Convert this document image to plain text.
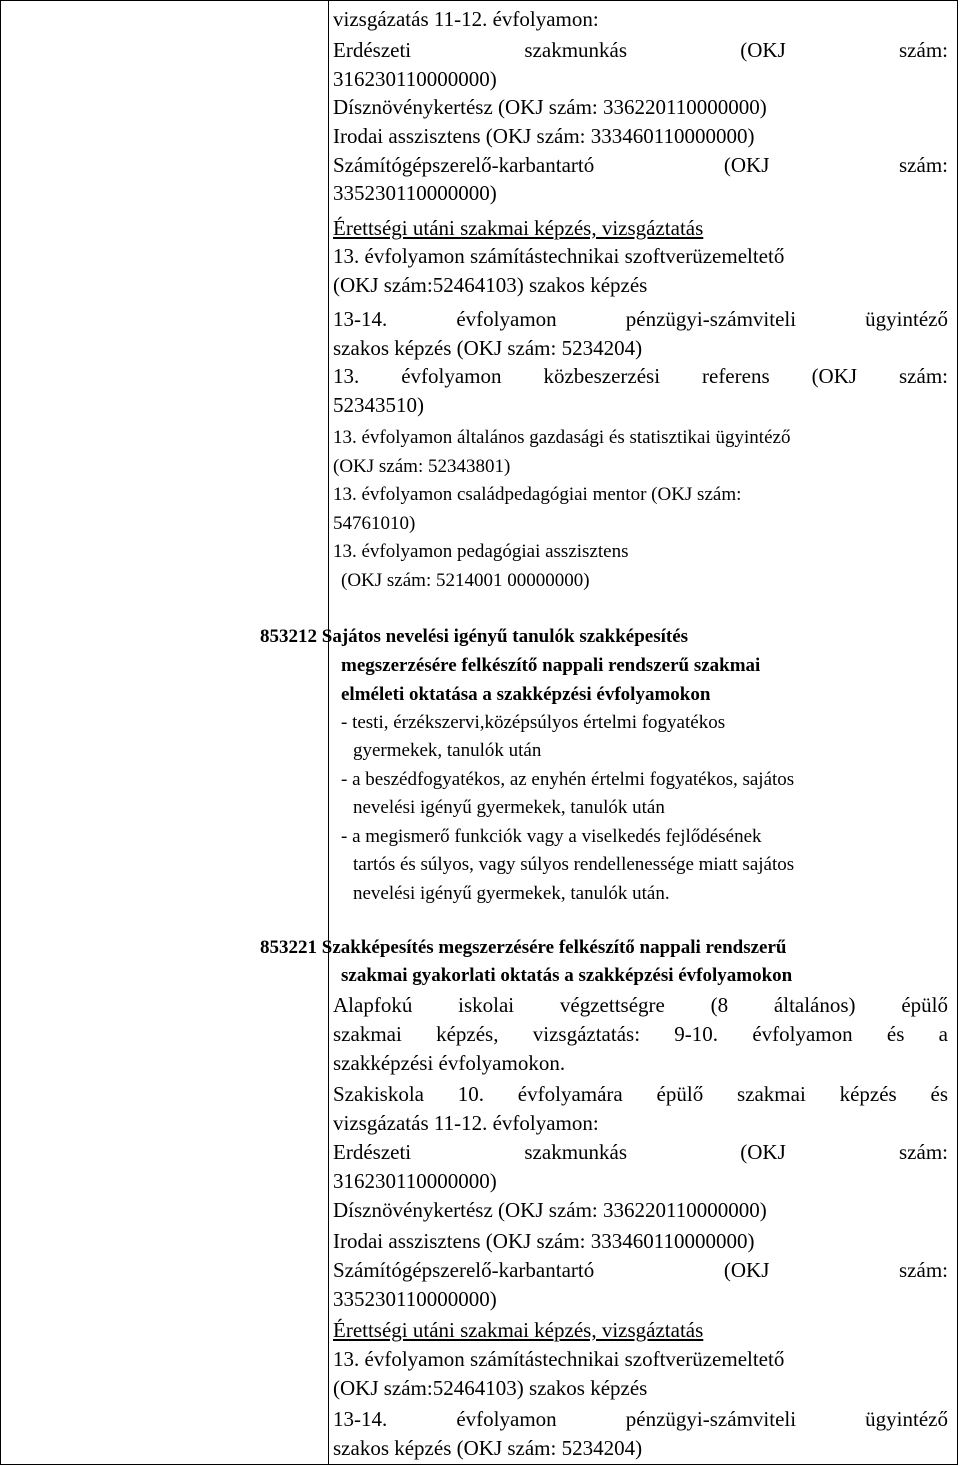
vizsgázatás 11-12. évfolyamon:
Erdészeti szakmunkás (OKJ szám:
316230110000000)
Dísznövénykertész (OKJ szám: 336220110000000)
Irodai asszisztens (OKJ szám: 333460110000000)
Számítógépszerelő-karbantartó (OKJ szám:
335230110000000)
Érettségi utáni szakmai képzés, vizsgáztatás
13. évfolyamon számítástechnikai szoftverüzemeltető
(OKJ szám:52464103) szakos képzés
13-14. évfolyamon pénzügyi-számviteli ügyintéző
szakos képzés (OKJ szám: 5234204)
13. évfolyamon közbeszerzési referens (OKJ szám:
52343510)
13. évfolyamon általános gazdasági és statisztikai ügyintéző
(OKJ szám: 52343801)
13. évfolyamon családpedagógiai mentor (OKJ szám:
54761010)
13. évfolyamon pedagógiai asszisztens
(OKJ szám: 5214001 00000000)
853212 Sajátos nevelési igényű tanulók szakképesítés
megszerzésére felkészítő nappali rendszerű szakmai
elméleti oktatása a szakképzési évfolyamokon
- testi, érzékszervi,középsúlyos értelmi fogyatékos
gyermekek, tanulók után
- a beszédfogyatékos, az enyhén értelmi fogyatékos, sajátos
nevelési igényű gyermekek, tanulók után
- a megismerő funkciók vagy a viselkedés fejlődésének
tartós és súlyos, vagy súlyos rendellenessége miatt sajátos
nevelési igényű gyermekek, tanulók után.
853221 Szakképesítés megszerzésére felkészítő nappali rendszerű
szakmai gyakorlati oktatás a szakképzési évfolyamokon
Alapfokú iskolai végzettségre (8 általános) épülő
szakmai képzés, vizsgáztatás: 9-10. évfolyamon és a
szakképzési évfolyamokon.
Szakiskola 10. évfolyamára épülő szakmai képzés és
vizsgázatás 11-12. évfolyamon:
Erdészeti szakmunkás (OKJ szám:
316230110000000)
Dísznövénykertész (OKJ szám: 336220110000000)
Irodai asszisztens (OKJ szám: 333460110000000)
Számítógépszerelő-karbantartó (OKJ szám:
335230110000000)
Érettségi utáni szakmai képzés, vizsgáztatás
13. évfolyamon számítástechnikai szoftverüzemeltető
(OKJ szám:52464103) szakos képzés
13-14. évfolyamon pénzügyi-számviteli ügyintéző
szakos képzés (OKJ szám: 5234204)
